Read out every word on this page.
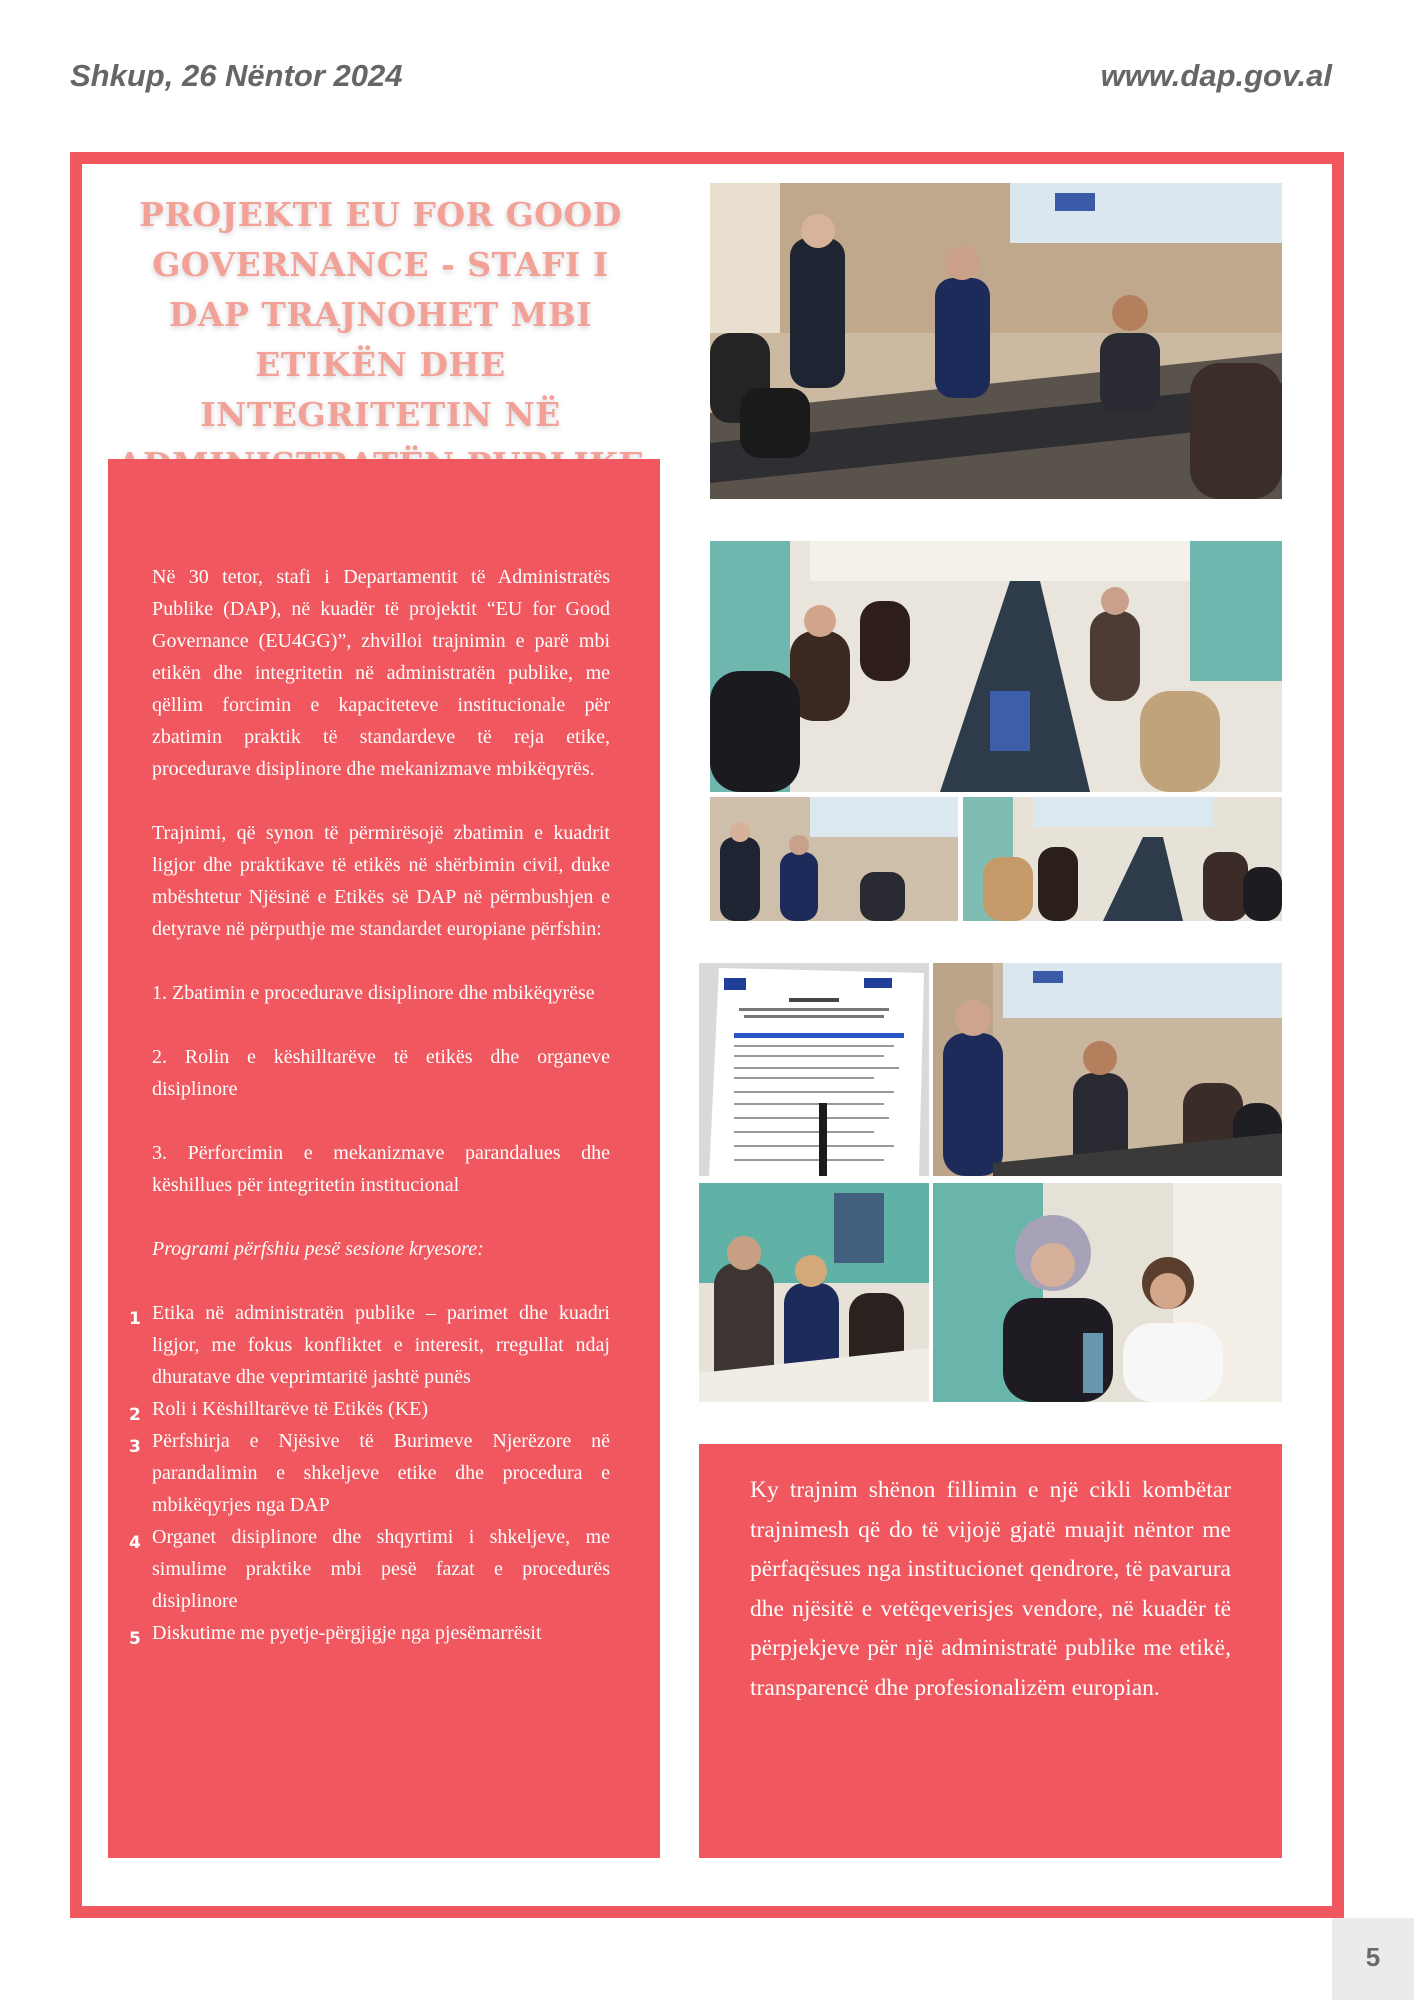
Shkup, 26 Nëntor 2024	www.dap.gov.al
PROJEKTI EU FOR GOOD GOVERNANCE - STAFI I DAP TRAJNOHET MBI ETIKËN DHE INTEGRITETIN NË

Në 30 tetor, stafi i Departamentit të Administratës Publike (DAP), në kuadër të projektit “EU for Good Governance (EU4GG)”, zhvilloi trajnimin e parë mbi etikën dhe integritetin në administratën publike, me qëllim forcimin e kapaciteteve institucionale për zbatimin praktik të standardeve të reja etike, procedurave disiplinore dhe mekanizmave mbikëqyrës.

Trajnimi, që synon të përmirësojë zbatimin e kuadrit ligjor dhe praktikave të etikës në shërbimin civil, duke mbështetur Njësinë e Etikës së DAP në përmbushjen e detyrave në përputhje me standardet europiane përfshin:

1. Zbatimin e procedurave disiplinore dhe mbikëqyrëse

2. Rolin e këshilltarëve të etikës dhe organeve disiplinore

3. Përforcimin e mekanizmave parandalues dhe këshillues për integritetin institucional

Programi përfshiu pesë sesione kryesore:

1 Etika në administratën publike – parimet dhe kuadri ligjor, me fokus konfliktet e interesit, rregullat ndaj dhuratave dhe veprimtaritë jashtë punës
2 Roli i Këshilltarëve të Etikës (KE)
3 Përfshirja e Njësive të Burimeve Njerëzore në parandalimin e shkeljeve etike dhe procedura e mbikëqyrjes nga DAP
4 Organet disiplinore dhe shqyrtimi i shkeljeve, me simulime praktike mbi pesë fazat e procedurës disiplinore
5 Diskutime me pyetje-përgjigje nga pjesëmarrësit

Ky trajnim shënon fillimin e një cikli kombëtar trajnimesh që do të vijojë gjatë muajit nëntor me përfaqësues nga institucionet qendrore, të pavarura dhe njësitë e vetëqeverisjes vendore, në kuadër të përpjekjeve për një administratë publike me etikë, transparencë dhe profesionalizëm europian.

5
